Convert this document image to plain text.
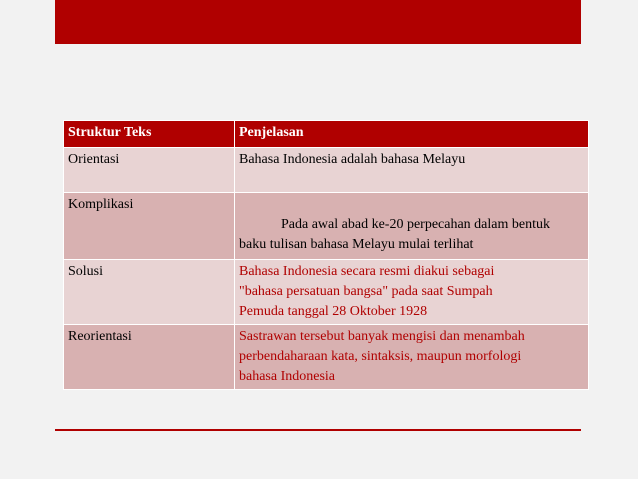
Struktur Teks	Penjelasan
Orientasi	Bahasa Indonesia adalah bahasa Melayu
Komplikasi	Pada awal abad ke-20 perpecahan dalam bentuk
baku tulisan bahasa Melayu mulai terlihat
Solusi	Bahasa Indonesia secara resmi diakui sebagai
"bahasa persatuan bangsa" pada saat Sumpah
Pemuda tanggal 28 Oktober 1928
Reorientasi	Sastrawan tersebut banyak mengisi dan menambah
perbendaharaan kata, sintaksis, maupun morfologi
bahasa Indonesia
